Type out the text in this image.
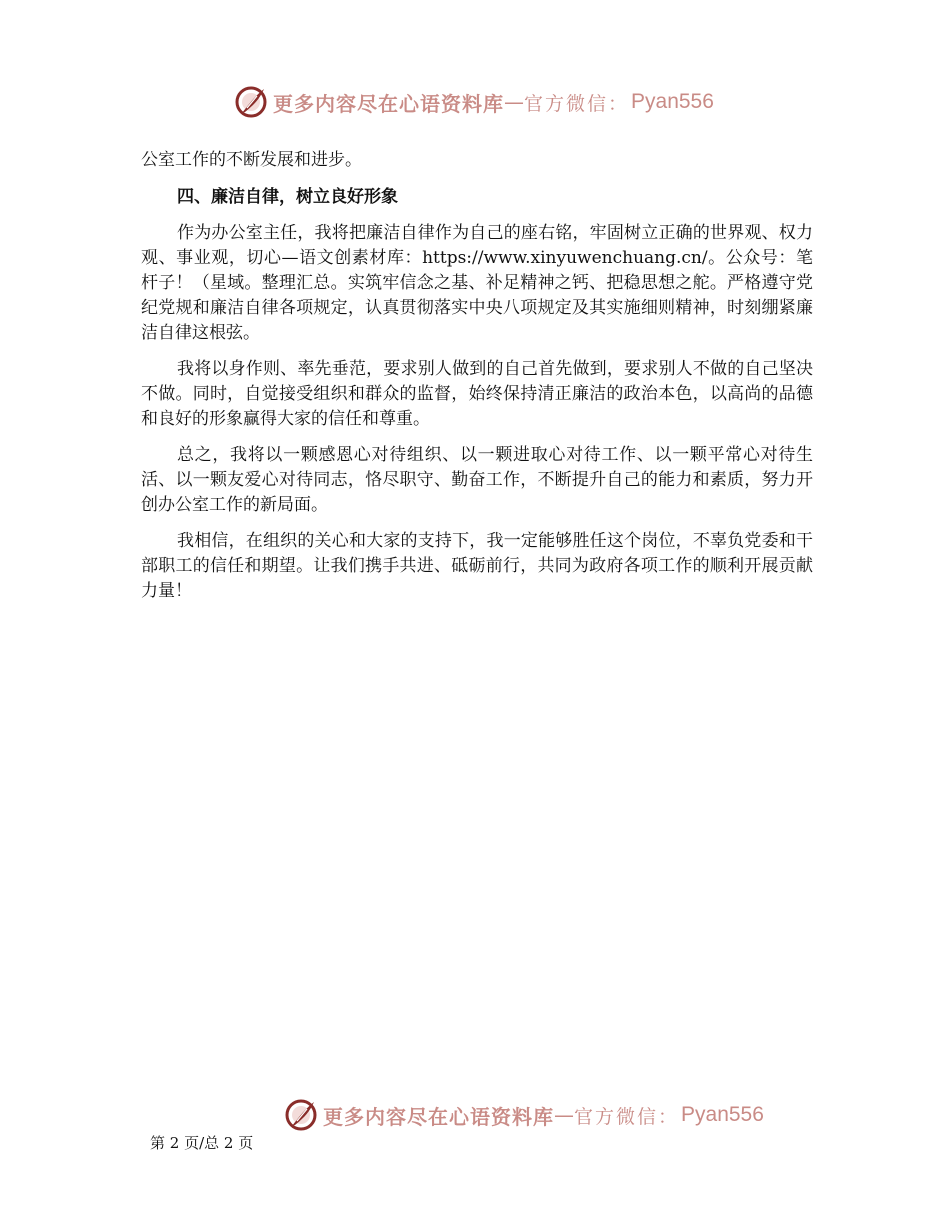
更多内容尽在心语资料库 — 官方微信： Pyan556

公室工作的不断发展和进步。

四、廉洁自律，树立良好形象

作为办公室主任，我将把廉洁自律作为自己的座右铭，牢固树立正确的世界观、权力观、事业观，切心—语文创素材库：https://www.xinyuwenchuang.cn/。公众号：笔杆子！（星域。整理汇总。实筑牢信念之基、补足精神之钙、把稳思想之舵。严格遵守党纪党规和廉洁自律各项规定，认真贯彻落实中央八项规定及其实施细则精神，时刻绷紧廉洁自律这根弦。

我将以身作则、率先垂范，要求别人做到的自己首先做到，要求别人不做的自己坚决不做。同时，自觉接受组织和群众的监督，始终保持清正廉洁的政治本色，以高尚的品德和良好的形象赢得大家的信任和尊重。

总之，我将以一颗感恩心对待组织、以一颗进取心对待工作、以一颗平常心对待生活、以一颗友爱心对待同志，恪尽职守、勤奋工作，不断提升自己的能力和素质，努力开创办公室工作的新局面。

我相信，在组织的关心和大家的支持下，我一定能够胜任这个岗位，不辜负党委和干部职工的信任和期望。让我们携手共进、砥砺前行，共同为政府各项工作的顺利开展贡献力量！

更多内容尽在心语资料库 — 官方微信： Pyan556
第 2 页/总 2 页
